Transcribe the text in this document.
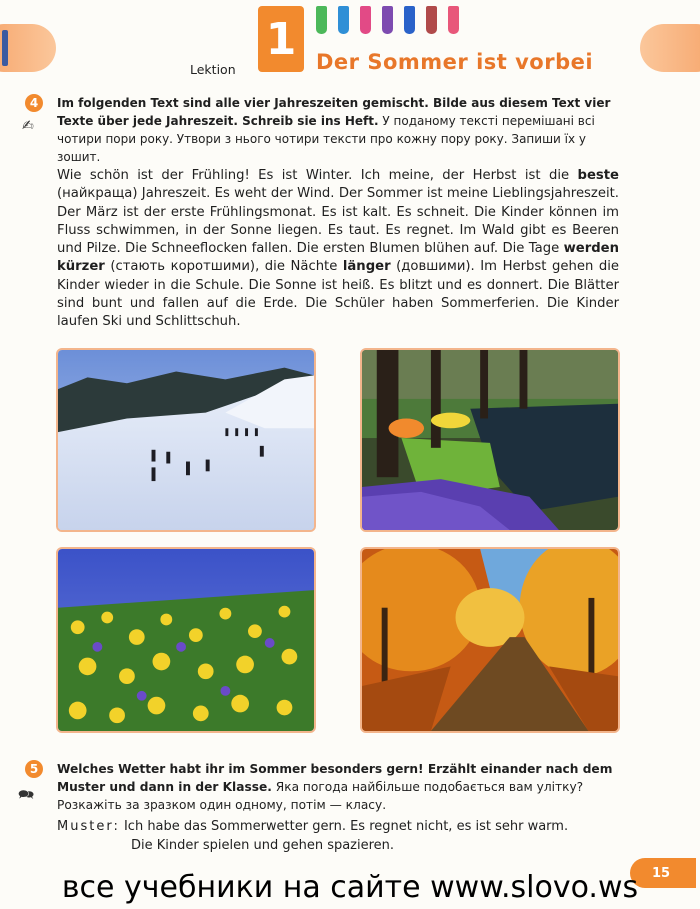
Lektion
1 Der Sommer ist vorbei
4
✍
Im folgenden Text sind alle vier Jahreszeiten gemischt. Bilde aus diesem Text vier Texte über jede Jahreszeit. Schreib sie ins Heft. У поданому тексті перемішані всі чотири пори року. Утвори з нього чотири тексти про кожну пору року. Запиши їх у зошит.
Wie schön ist der Frühling! Es ist Winter. Ich meine, der Herbst ist die beste (найкраща) Jahreszeit. Es weht der Wind. Der Sommer ist meine Lieblingsjahreszeit. Der März ist der erste Frühlingsmonat. Es ist kalt. Es schneit. Die Kinder können im Fluss schwimmen, in der Sonne liegen. Es taut. Es regnet. Im Wald gibt es Beeren und Pilze. Die Schneeflocken fallen. Die ersten Blumen blühen auf. Die Tage werden kürzer (стають коротшими), die Nächte länger (довшими). Im Herbst gehen die Kinder wieder in die Schule. Die Sonne ist heiß. Es blitzt und es donnert. Die Blätter sind bunt und fallen auf die Erde. Die Schüler haben Sommerferien. Die Kinder laufen Ski und Schlittschuh.
5
🗪
Welches Wetter habt ihr im Sommer besonders gern! Erzählt einander nach dem Muster und dann in der Klasse. Яка погода найбільше подобається вам улітку? Розкажіть за зразком один одному, потім — класу.
Muster: Ich habe das Sommerwetter gern. Es regnet nicht, es ist sehr warm.
Die Kinder spielen und gehen spazieren.
15
все учебники на сайте www.slovo.ws
